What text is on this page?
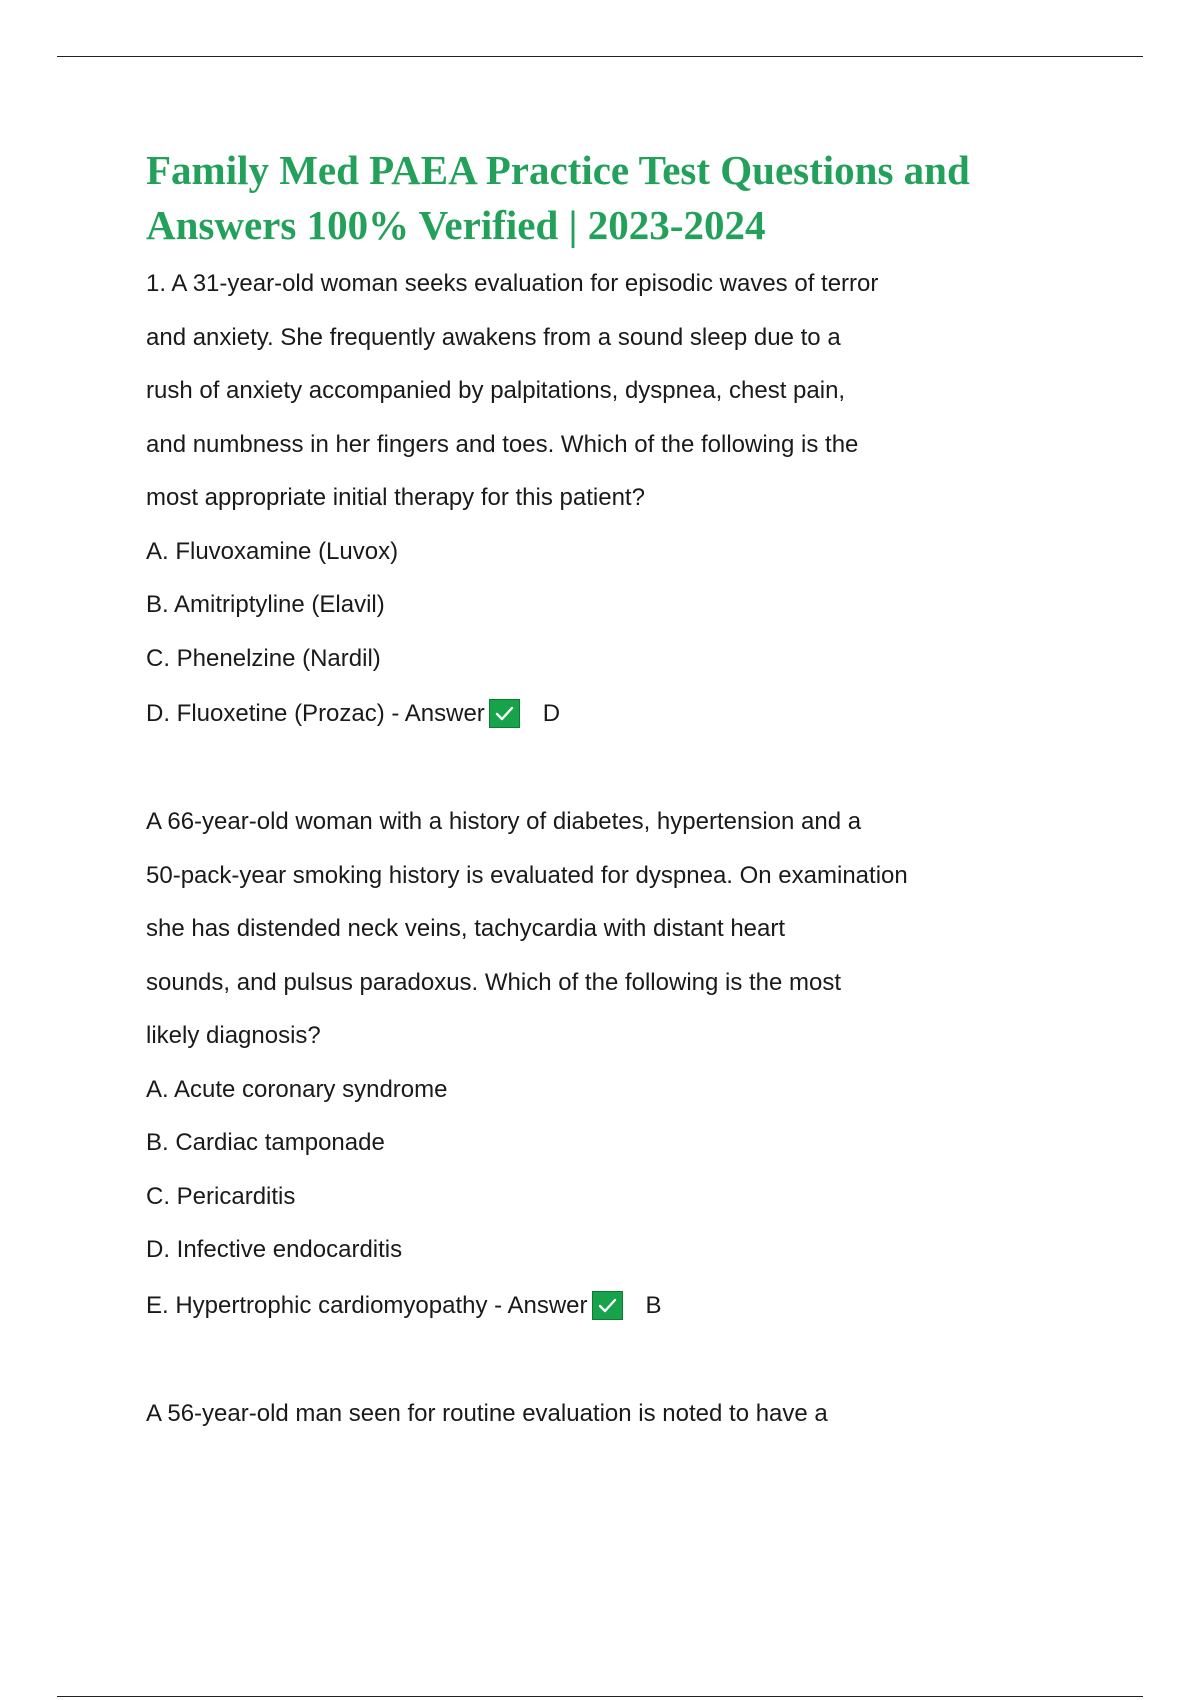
Family Med PAEA Practice Test Questions and
Answers 100% Verified | 2023-2024
1. A 31-year-old woman seeks evaluation for episodic waves of terror
and anxiety. She frequently awakens from a sound sleep due to a
rush of anxiety accompanied by palpitations, dyspnea, chest pain,
and numbness in her fingers and toes. Which of the following is the
most appropriate initial therapy for this patient?
A. Fluvoxamine (Luvox)
B. Amitriptyline (Elavil)
C. Phenelzine (Nardil)
D. Fluoxetine (Prozac) - Answer D
A 66-year-old woman with a history of diabetes, hypertension and a
50-pack-year smoking history is evaluated for dyspnea. On examination
she has distended neck veins, tachycardia with distant heart
sounds, and pulsus paradoxus. Which of the following is the most
likely diagnosis?
A. Acute coronary syndrome
B. Cardiac tamponade
C. Pericarditis
D. Infective endocarditis
E. Hypertrophic cardiomyopathy - Answer B
A 56-year-old man seen for routine evaluation is noted to have a
